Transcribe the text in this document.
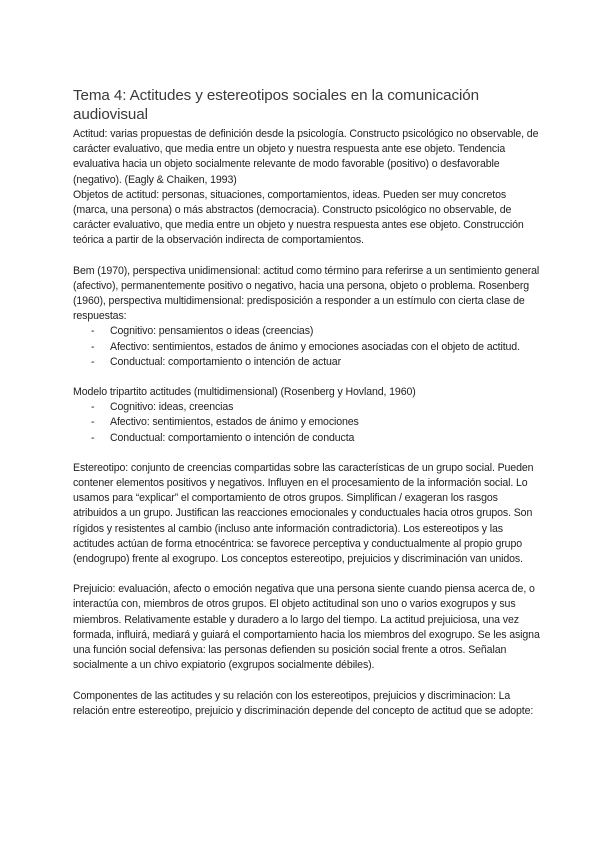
Tema 4: Actitudes y estereotipos sociales en la comunicación audiovisual

Actitud: varias propuestas de definición desde la psicología. Constructo psicológico no observable, de carácter evaluativo, que media entre un objeto y nuestra respuesta ante ese objeto. Tendencia evaluativa hacia un objeto socialmente relevante de modo favorable (positivo) o desfavorable (negativo). (Eagly & Chaiken, 1993)

Objetos de actitud: personas, situaciones, comportamientos, ideas. Pueden ser muy concretos (marca, una persona) o más abstractos (democracia). Constructo psicológico no observable, de carácter evaluativo, que media entre un objeto y nuestra respuesta antes ese objeto. Construcción teórica a partir de la observación indirecta de comportamientos.

Bem (1970), perspectiva unidimensional: actitud como término para referirse a un sentimiento general (afectivo), permanentemente positivo o negativo, hacia una persona, objeto o problema. Rosenberg (1960), perspectiva multidimensional: predisposición a responder a un estímulo con cierta clase de respuestas:

- Cognitivo: pensamientos o ideas (creencias)
- Afectivo: sentimientos, estados de ánimo y emociones asociadas con el objeto de actitud.
- Conductual: comportamiento o intención de actuar

Modelo tripartito actitudes (multidimensional) (Rosenberg y Hovland, 1960)

- Cognitivo: ideas, creencias
- Afectivo: sentimientos, estados de ánimo y emociones
- Conductual: comportamiento o intención de conducta

Estereotipo: conjunto de creencias compartidas sobre las características de un grupo social. Pueden contener elementos positivos y negativos. Influyen en el procesamiento de la información social. Lo usamos para “explicar” el comportamiento de otros grupos. Simplifican / exageran los rasgos atribuidos a un grupo. Justifican las reacciones emocionales y conductuales hacia otros grupos. Son rígidos y resistentes al cambio (incluso ante información contradictoria). Los estereotipos y las actitudes actúan de forma etnocéntrica: se favorece perceptiva y conductualmente al propio grupo (endogrupo) frente al exogrupo. Los conceptos estereotipo, prejuicios y discriminación van unidos.

Prejuicio: evaluación, afecto o emoción negativa que una persona siente cuando piensa acerca de, o interactúa con, miembros de otros grupos. El objeto actitudinal son uno o varios exogrupos y sus miembros. Relativamente estable y duradero a lo largo del tiempo. La actitud prejuiciosa, una vez formada, influirá, mediará y guiará el comportamiento hacia los miembros del exogrupo. Se les asigna una función social defensiva: las personas defienden su posición social frente a otros. Señalan socialmente a un chivo expiatorio (exgrupos socialmente débiles).

Componentes de las actitudes y su relación con los estereotipos, prejuicios y discriminacion: La relación entre estereotipo, prejuicio y discriminación depende del concepto de actitud que se adopte:
